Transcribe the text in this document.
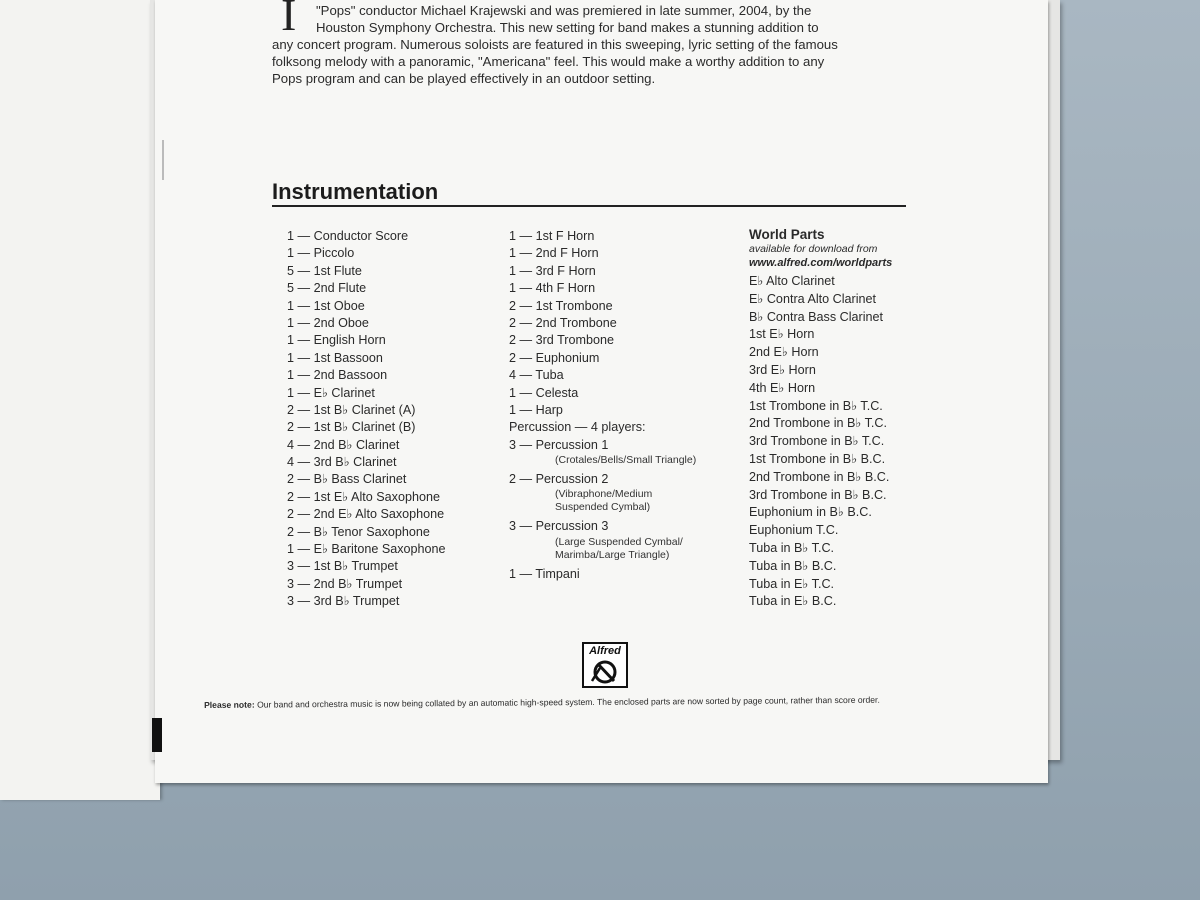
I	"Pops" conductor Michael Krajewski and was premiered in late summer, 2004, by the
Houston Symphony Orchestra. This new setting for band makes a stunning addition to
any concert program. Numerous soloists are featured in this sweeping, lyric setting of the famous
folksong melody with a panoramic, "Americana" feel. This would make a worthy addition to any
Pops program and can be played effectively in an outdoor setting.
Instrumentation
1 — Conductor Score
1 — Piccolo
5 — 1st Flute
5 — 2nd Flute
1 — 1st Oboe
1 — 2nd Oboe
1 — English Horn
1 — 1st Bassoon
1 — 2nd Bassoon
1 — E♭ Clarinet
2 — 1st B♭ Clarinet (A)
2 — 1st B♭ Clarinet (B)
4 — 2nd B♭ Clarinet
4 — 3rd B♭ Clarinet
2 — B♭ Bass Clarinet
2 — 1st E♭ Alto Saxophone
2 — 2nd E♭ Alto Saxophone
2 — B♭ Tenor Saxophone
1 — E♭ Baritone Saxophone
3 — 1st B♭ Trumpet
3 — 2nd B♭ Trumpet
3 — 3rd B♭ Trumpet
1 — 1st F Horn
1 — 2nd F Horn
1 — 3rd F Horn
1 — 4th F Horn
2 — 1st Trombone
2 — 2nd Trombone
2 — 3rd Trombone
2 — Euphonium
4 — Tuba
1 — Celesta
1 — Harp
Percussion — 4 players:
3 — Percussion 1
(Crotales/Bells/Small Triangle)
2 — Percussion 2
(Vibraphone/Medium
Suspended Cymbal)
3 — Percussion 3
(Large Suspended Cymbal/
Marimba/Large Triangle)
1 — Timpani
World Parts
available for download from
www.alfred.com/worldparts
E♭ Alto Clarinet
E♭ Contra Alto Clarinet
B♭ Contra Bass Clarinet
1st E♭ Horn
2nd E♭ Horn
3rd E♭ Horn
4th E♭ Horn
1st Trombone in B♭ T.C.
2nd Trombone in B♭ T.C.
3rd Trombone in B♭ T.C.
1st Trombone in B♭ B.C.
2nd Trombone in B♭ B.C.
3rd Trombone in B♭ B.C.
Euphonium in B♭ B.C.
Euphonium T.C.
Tuba in B♭ T.C.
Tuba in B♭ B.C.
Tuba in E♭ T.C.
Tuba in E♭ B.C.
Alfred
Please note: Our band and orchestra music is now being collated by an automatic high-speed system. The enclosed parts are now sorted by page count, rather than score order.
